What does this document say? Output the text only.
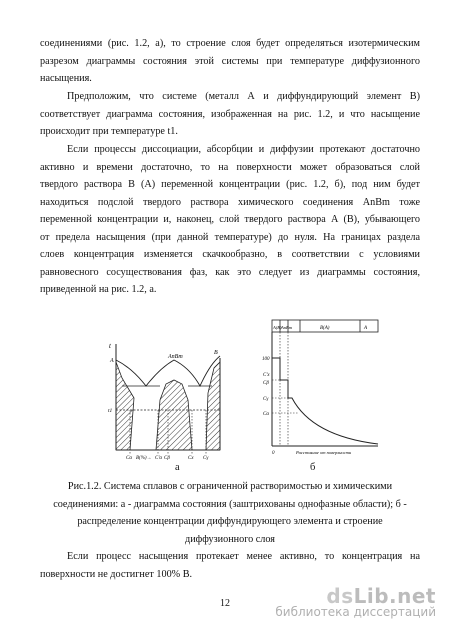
соединениями (рис. 1.2, а), то строение слоя будет определяться изотермическим
разрезом диаграммы состояния этой системы при температуре диффузионного
насыщения.

Предположим, что системе (металл А и диффундирующий элемент В)
соответствует диаграмма состояния, изображенная на рис. 1.2, и что насыщение
происходит при температуре t1.

Если процессы диссоциации, абсорбции и диффузии протекают достаточно
активно и времени достаточно, то на поверхности может образоваться слой
твердого раствора В (А) переменной концентрации (рис. 1.2, б), под ним будет
находиться подслой твердого раствора химического соединения АnВm тоже
переменной концентрации и, наконец, слой твердого раствора А (В), убывающего
от предела насыщения (при данной температуре) до нуля. На границах раздела
слоев концентрация изменяется скачкообразно, в соответствии с условиями
равновесного сосуществования фаз, как это следует из диаграммы состояния,
приведенной на рис. 1.2, а.

t
A
B
AnBm
t1
B(%)→
Cα	C'α Cβ	Cx Cγ
A(B) AnBm	B(A)	A
100
C'x
Cβ
Cγ
Cα
0	Расстояние от поверхности
а	б
Рис.1.2. Система сплавов с ограниченной растворимостью и химическими
соединениями: а - диаграмма состояния (заштрихованы однофазные области); б -
распределение концентрации диффундирующего элемента и строение
диффузионного слоя

Если процесс насыщения протекает менее активно, то концентрация на
поверхности не достигнет 100% В.

12	dsLib.net
библиотека диссертаций
